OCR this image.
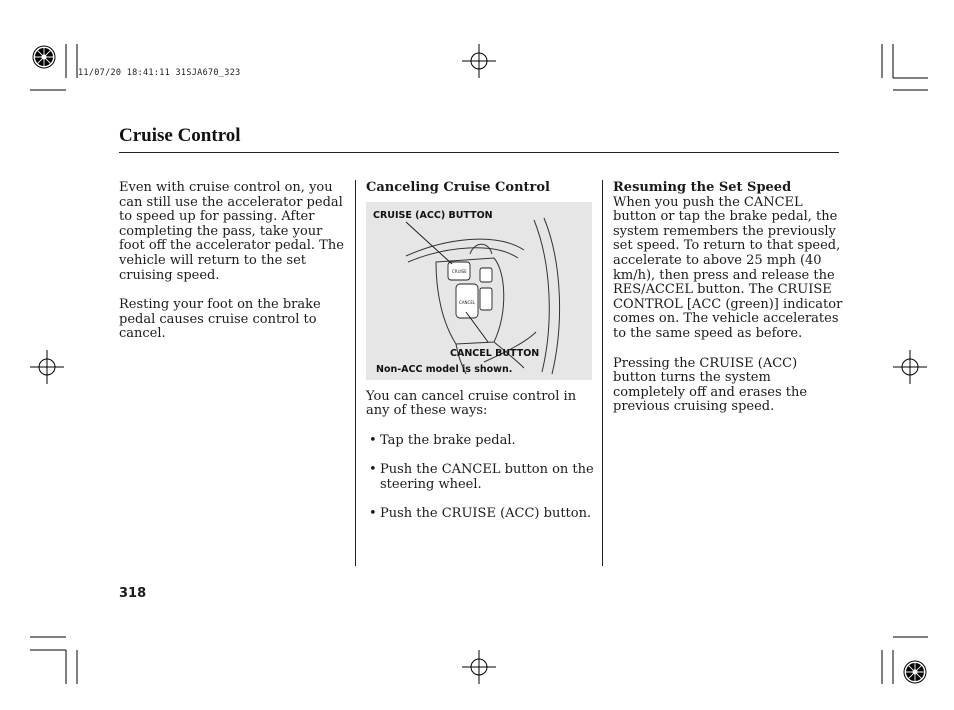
11/07/20 18:41:11 31SJA670_323
Cruise Control

Even with cruise control on, you can still use the accelerator pedal to speed up for passing. After completing the pass, take your foot off the accelerator pedal. The vehicle will return to the set cruising speed.

Resting your foot on the brake pedal causes cruise control to cancel.

Canceling Cruise Control

CRUISE
CANCEL
CRUISE (ACC) BUTTON
CANCEL BUTTON
Non-ACC model is shown.

You can cancel cruise control in any of these ways:

• Tap the brake pedal.
• Push the CANCEL button on the steering wheel.
• Push the CRUISE (ACC) button.

Resuming the Set Speed

When you push the CANCEL button or tap the brake pedal, the system remembers the previously set speed. To return to that speed, accelerate to above 25 mph (40 km/h), then press and release the RES/ACCEL button. The CRUISE CONTROL [ACC (green)] indicator comes on. The vehicle accelerates to the same speed as before.

Pressing the CRUISE (ACC) button turns the system completely off and erases the previous cruising speed.

318
